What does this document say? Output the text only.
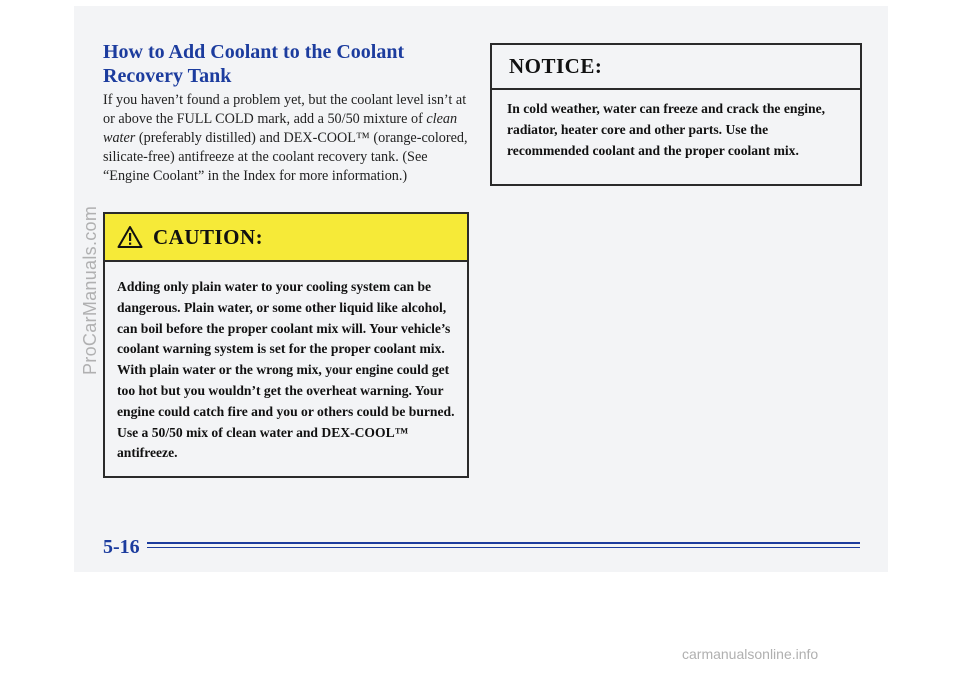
How to Add Coolant to the Coolant Recovery Tank

If you haven’t found a problem yet, but the coolant level isn’t at or above the FULL COLD mark, add a 50/50 mixture of clean water (preferably distilled) and DEX-COOL™ (orange-colored, silicate-free) antifreeze at the coolant recovery tank. (See “Engine Coolant” in the Index for more information.)

CAUTION:
Adding only plain water to your cooling system can be dangerous. Plain water, or some other liquid like alcohol, can boil before the proper coolant mix will. Your vehicle’s coolant warning system is set for the proper coolant mix. With plain water or the wrong mix, your engine could get too hot but you wouldn’t get the overheat warning. Your engine could catch fire and you or others could be burned. Use a 50/50 mix of clean water and DEX-COOL™ antifreeze.
NOTICE:
In cold weather, water can freeze and crack the engine, radiator, heater core and other parts. Use the recommended coolant and the proper coolant mix.

5-16

ProCarManuals.com

carmanualsonline.info
